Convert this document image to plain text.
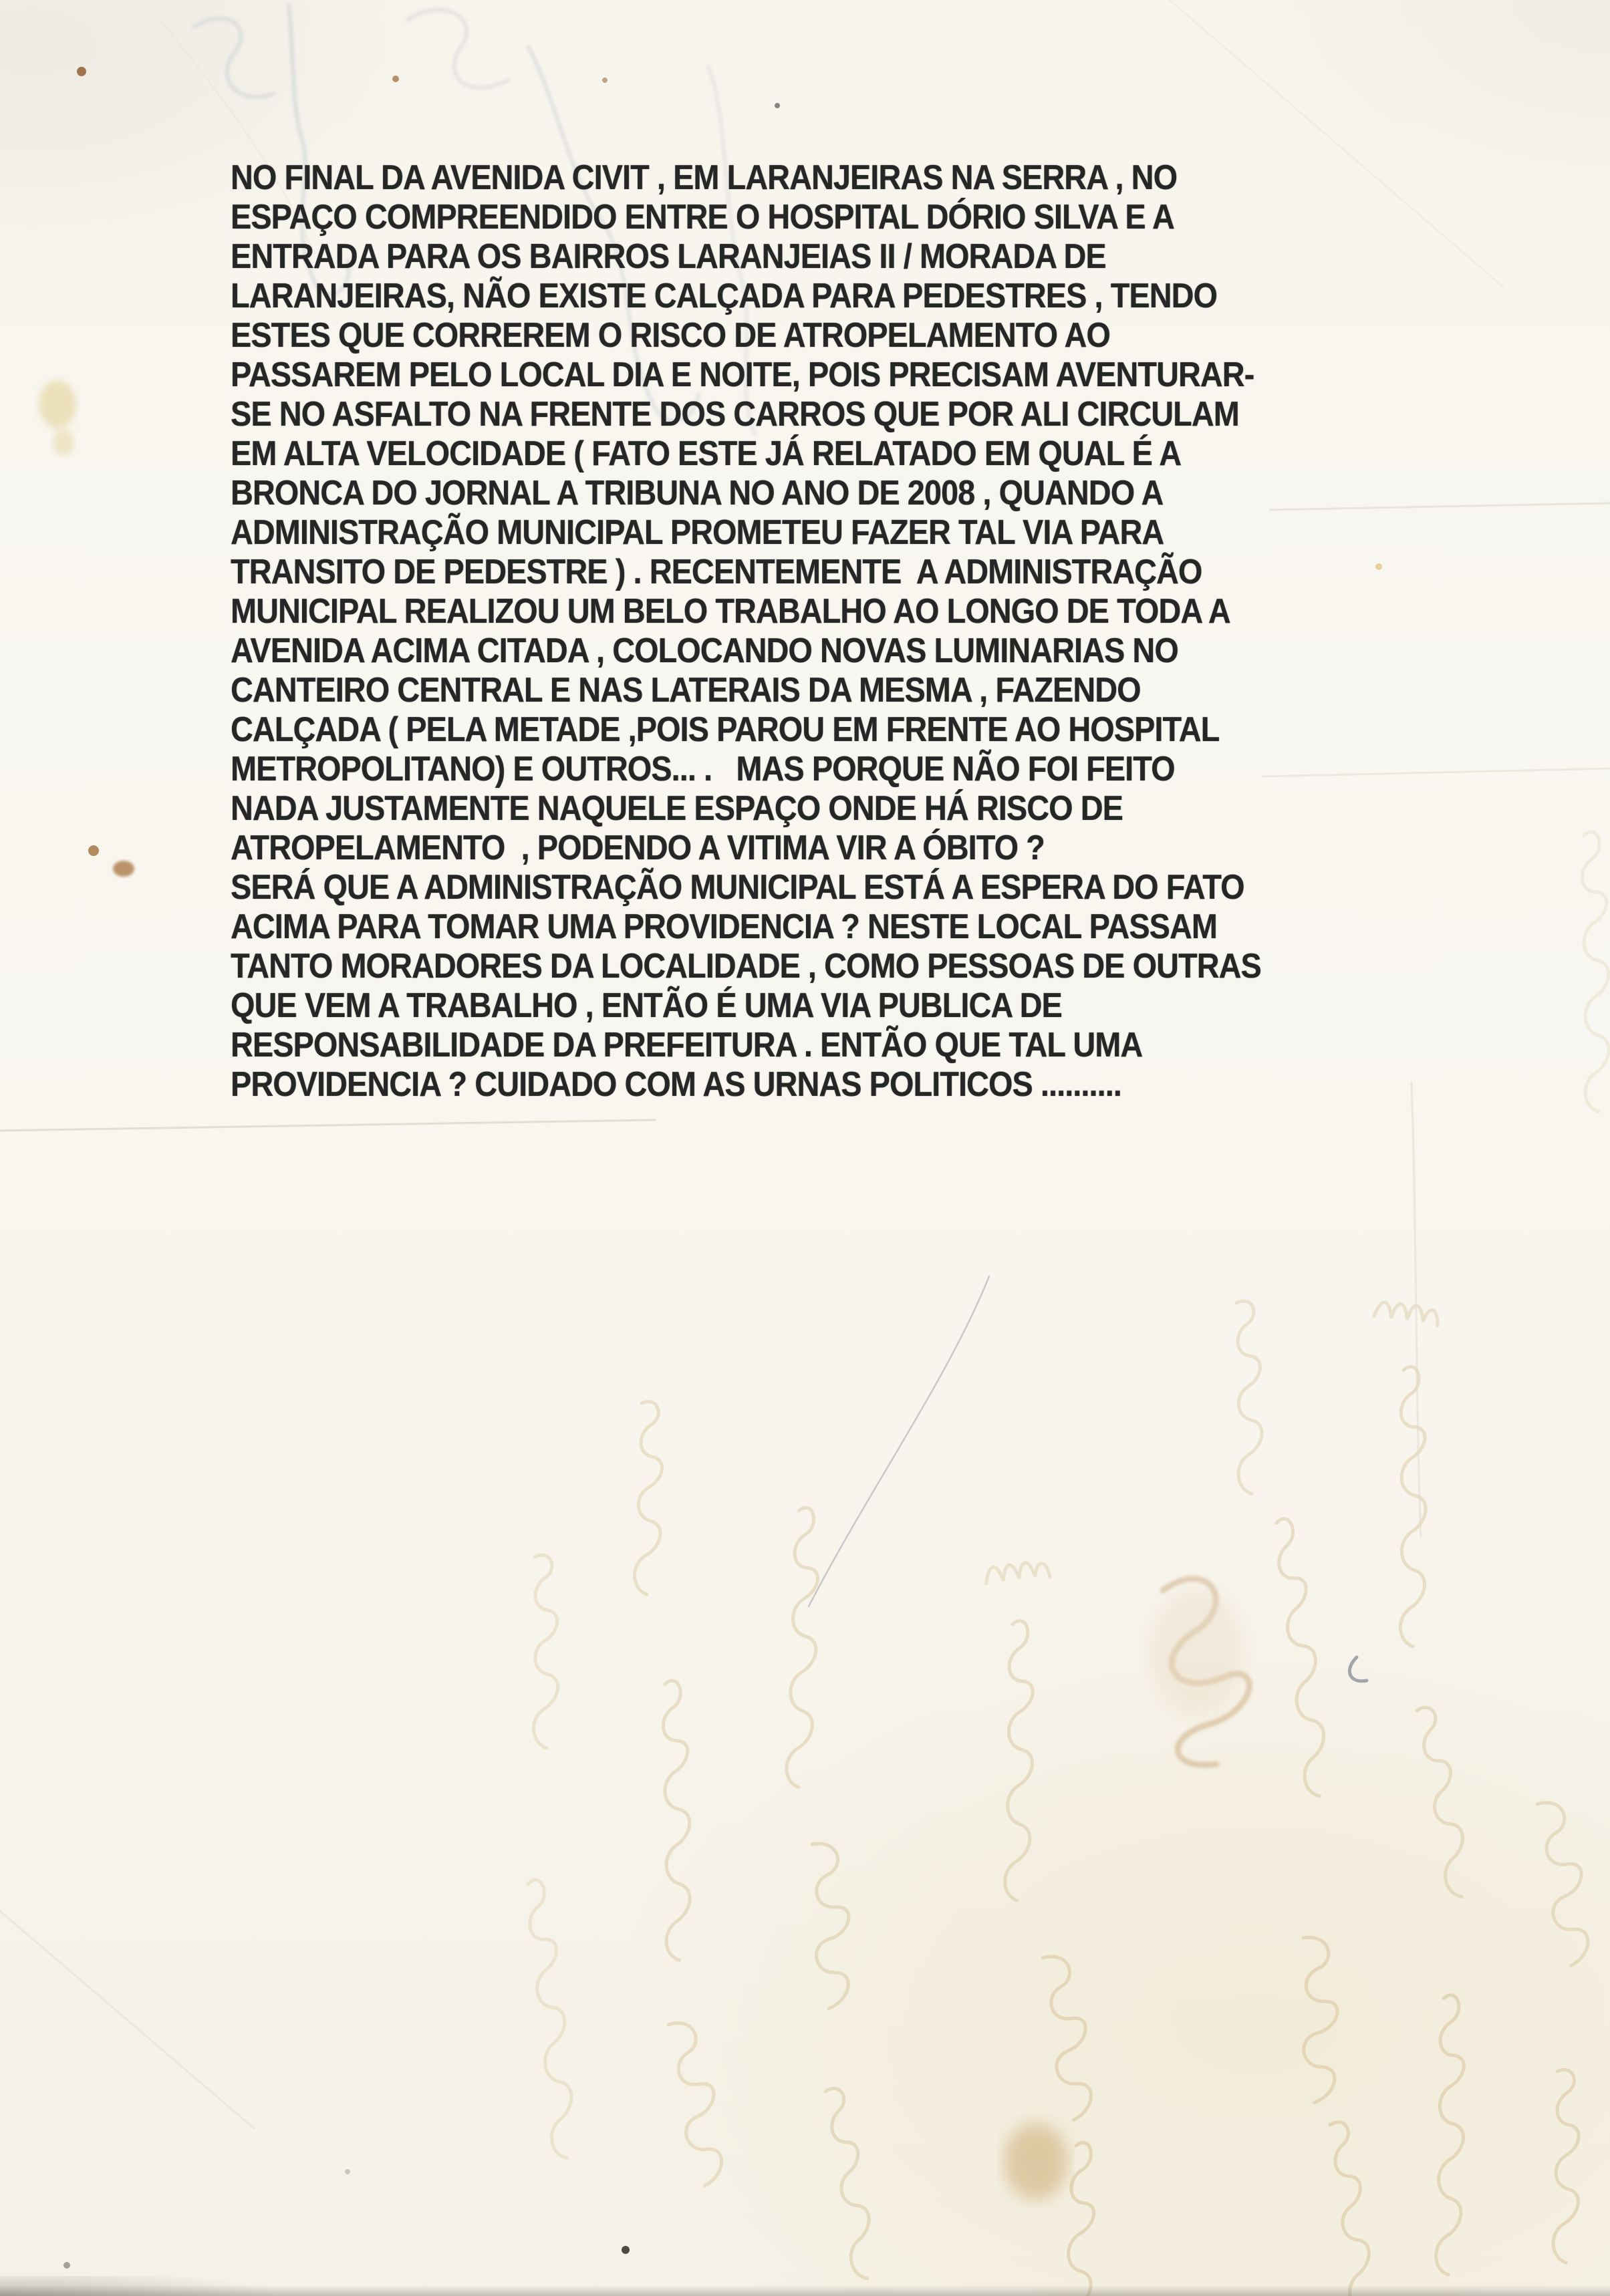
NO FINAL DA AVENIDA CIVIT , EM LARANJEIRAS NA SERRA , NO
ESPAÇO COMPREENDIDO ENTRE O HOSPITAL DÓRIO SILVA E A
ENTRADA PARA OS BAIRROS LARANJEIAS II / MORADA DE
LARANJEIRAS, NÃO EXISTE CALÇADA PARA PEDESTRES , TENDO
ESTES QUE CORREREM O RISCO DE ATROPELAMENTO AO
PASSAREM PELO LOCAL DIA E NOITE, POIS PRECISAM AVENTURAR-
SE NO ASFALTO NA FRENTE DOS CARROS QUE POR ALI CIRCULAM
EM ALTA VELOCIDADE ( FATO ESTE JÁ RELATADO EM QUAL É A
BRONCA DO JORNAL A TRIBUNA NO ANO DE 2008 , QUANDO A
ADMINISTRAÇÃO MUNICIPAL PROMETEU FAZER TAL VIA PARA
TRANSITO DE PEDESTRE ) . RECENTEMENTE  A ADMINISTRAÇÃO
MUNICIPAL REALIZOU UM BELO TRABALHO AO LONGO DE TODA A
AVENIDA ACIMA CITADA , COLOCANDO NOVAS LUMINARIAS NO
CANTEIRO CENTRAL E NAS LATERAIS DA MESMA , FAZENDO
CALÇADA ( PELA METADE ,POIS PAROU EM FRENTE AO HOSPITAL
METROPOLITANO) E OUTROS... .   MAS PORQUE NÃO FOI FEITO
NADA JUSTAMENTE NAQUELE ESPAÇO ONDE HÁ RISCO DE
ATROPELAMENTO  , PODENDO A VITIMA VIR A ÓBITO ?
SERÁ QUE A ADMINISTRAÇÃO MUNICIPAL ESTÁ A ESPERA DO FATO
ACIMA PARA TOMAR UMA PROVIDENCIA ? NESTE LOCAL PASSAM
TANTO MORADORES DA LOCALIDADE , COMO PESSOAS DE OUTRAS
QUE VEM A TRABALHO , ENTÃO É UMA VIA PUBLICA DE
RESPONSABILIDADE DA PREFEITURA . ENTÃO QUE TAL UMA
PROVIDENCIA ? CUIDADO COM AS URNAS POLITICOS ..........
